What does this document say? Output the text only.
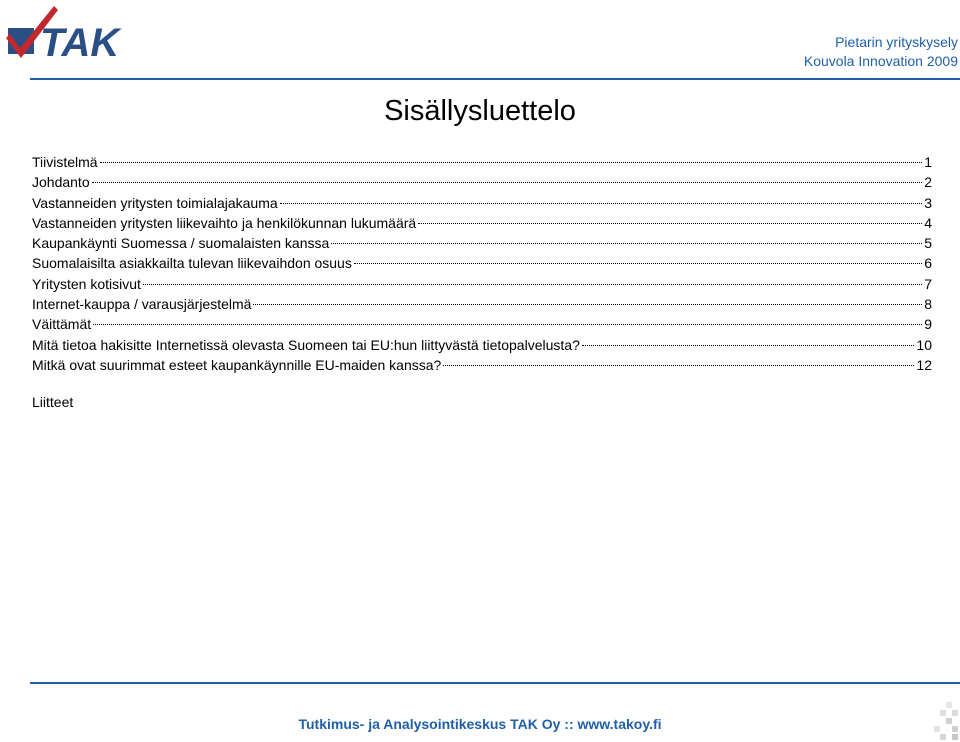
TAK	Pietarin yrityskysely
Kouvola Innovation 2009
Sisällysluettelo
Tiivistelmä	1
Johdanto	2
Vastanneiden yritysten toimialajakauma	3
Vastanneiden yritysten liikevaihto ja henkilökunnan lukumäärä	4
Kaupankäynti Suomessa / suomalaisten kanssa	5
Suomalaisilta asiakkailta tulevan liikevaihdon osuus	6
Yritysten kotisivut	7
Internet-kauppa / varausjärjestelmä	8
Väittämät	9
Mitä tietoa hakisitte Internetissä olevasta Suomeen tai EU:hun liittyvästä tietopalvelusta?	10
Mitkä ovat suurimmat esteet kaupankäynnille EU-maiden kanssa?	12
Liitteet
Tutkimus- ja Analysointikeskus TAK Oy :: www.takoy.fi
